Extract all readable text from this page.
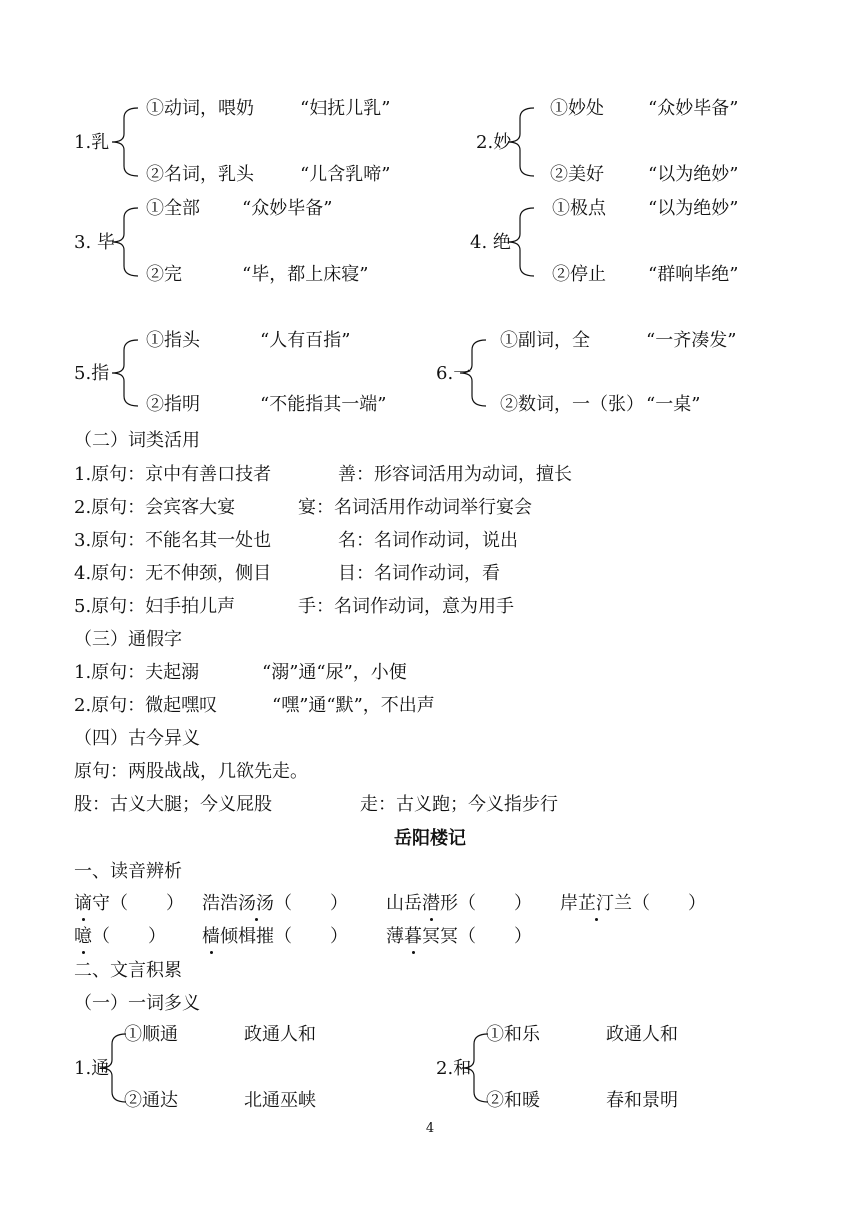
1.乳
①动词，喂奶	“妇抚儿乳”
②名词，乳头	“儿含乳啼”
2.妙
①妙处 “众妙毕备”
②美好 “以为绝妙”
3. 毕
①全部 “众妙毕备”
②完	“毕，都上床寝”
4. 绝
①极点 “以为绝妙”
②停止 “群响毕绝”
5.指
①指头	“人有百指”
②指明	“不能指其一端”
6.一
①副词，全	“一齐凑发”
②数词，一（张） “一桌”
（二）词类活用
1.原句：京中有善口技者	善：形容词活用为动词，擅长
2.原句：会宾客大宴	宴：名词活用作动词举行宴会
3.原句：不能名其一处也	名：名词作动词，说出
4.原句：无不伸颈，侧目	目：名词作动词，看
5.原句：妇手拍儿声	手：名词作动词，意为用手
（三）通假字
1.原句：夫起溺	“溺”通“尿”，小便
2.原句：微起嘿叹	“嘿”通“默”，不出声
（四）古今异义
原句：两股战战，几欲先走。
股：古义大腿；今义屁股	走：古义跑；今义指步行
岳阳楼记
一、读音辨析
谪守（ ） 浩浩汤汤（ ） 山岳潜形（ ） 岸芷汀兰（ ）
噫（ ） 樯倾楫摧（ ） 薄暮冥冥（ ）
二、文言积累
（一）一词多义
1.通
①顺通	政通人和
②通达	北通巫峡
2.和
①和乐	政通人和
②和暖	春和景明
4
